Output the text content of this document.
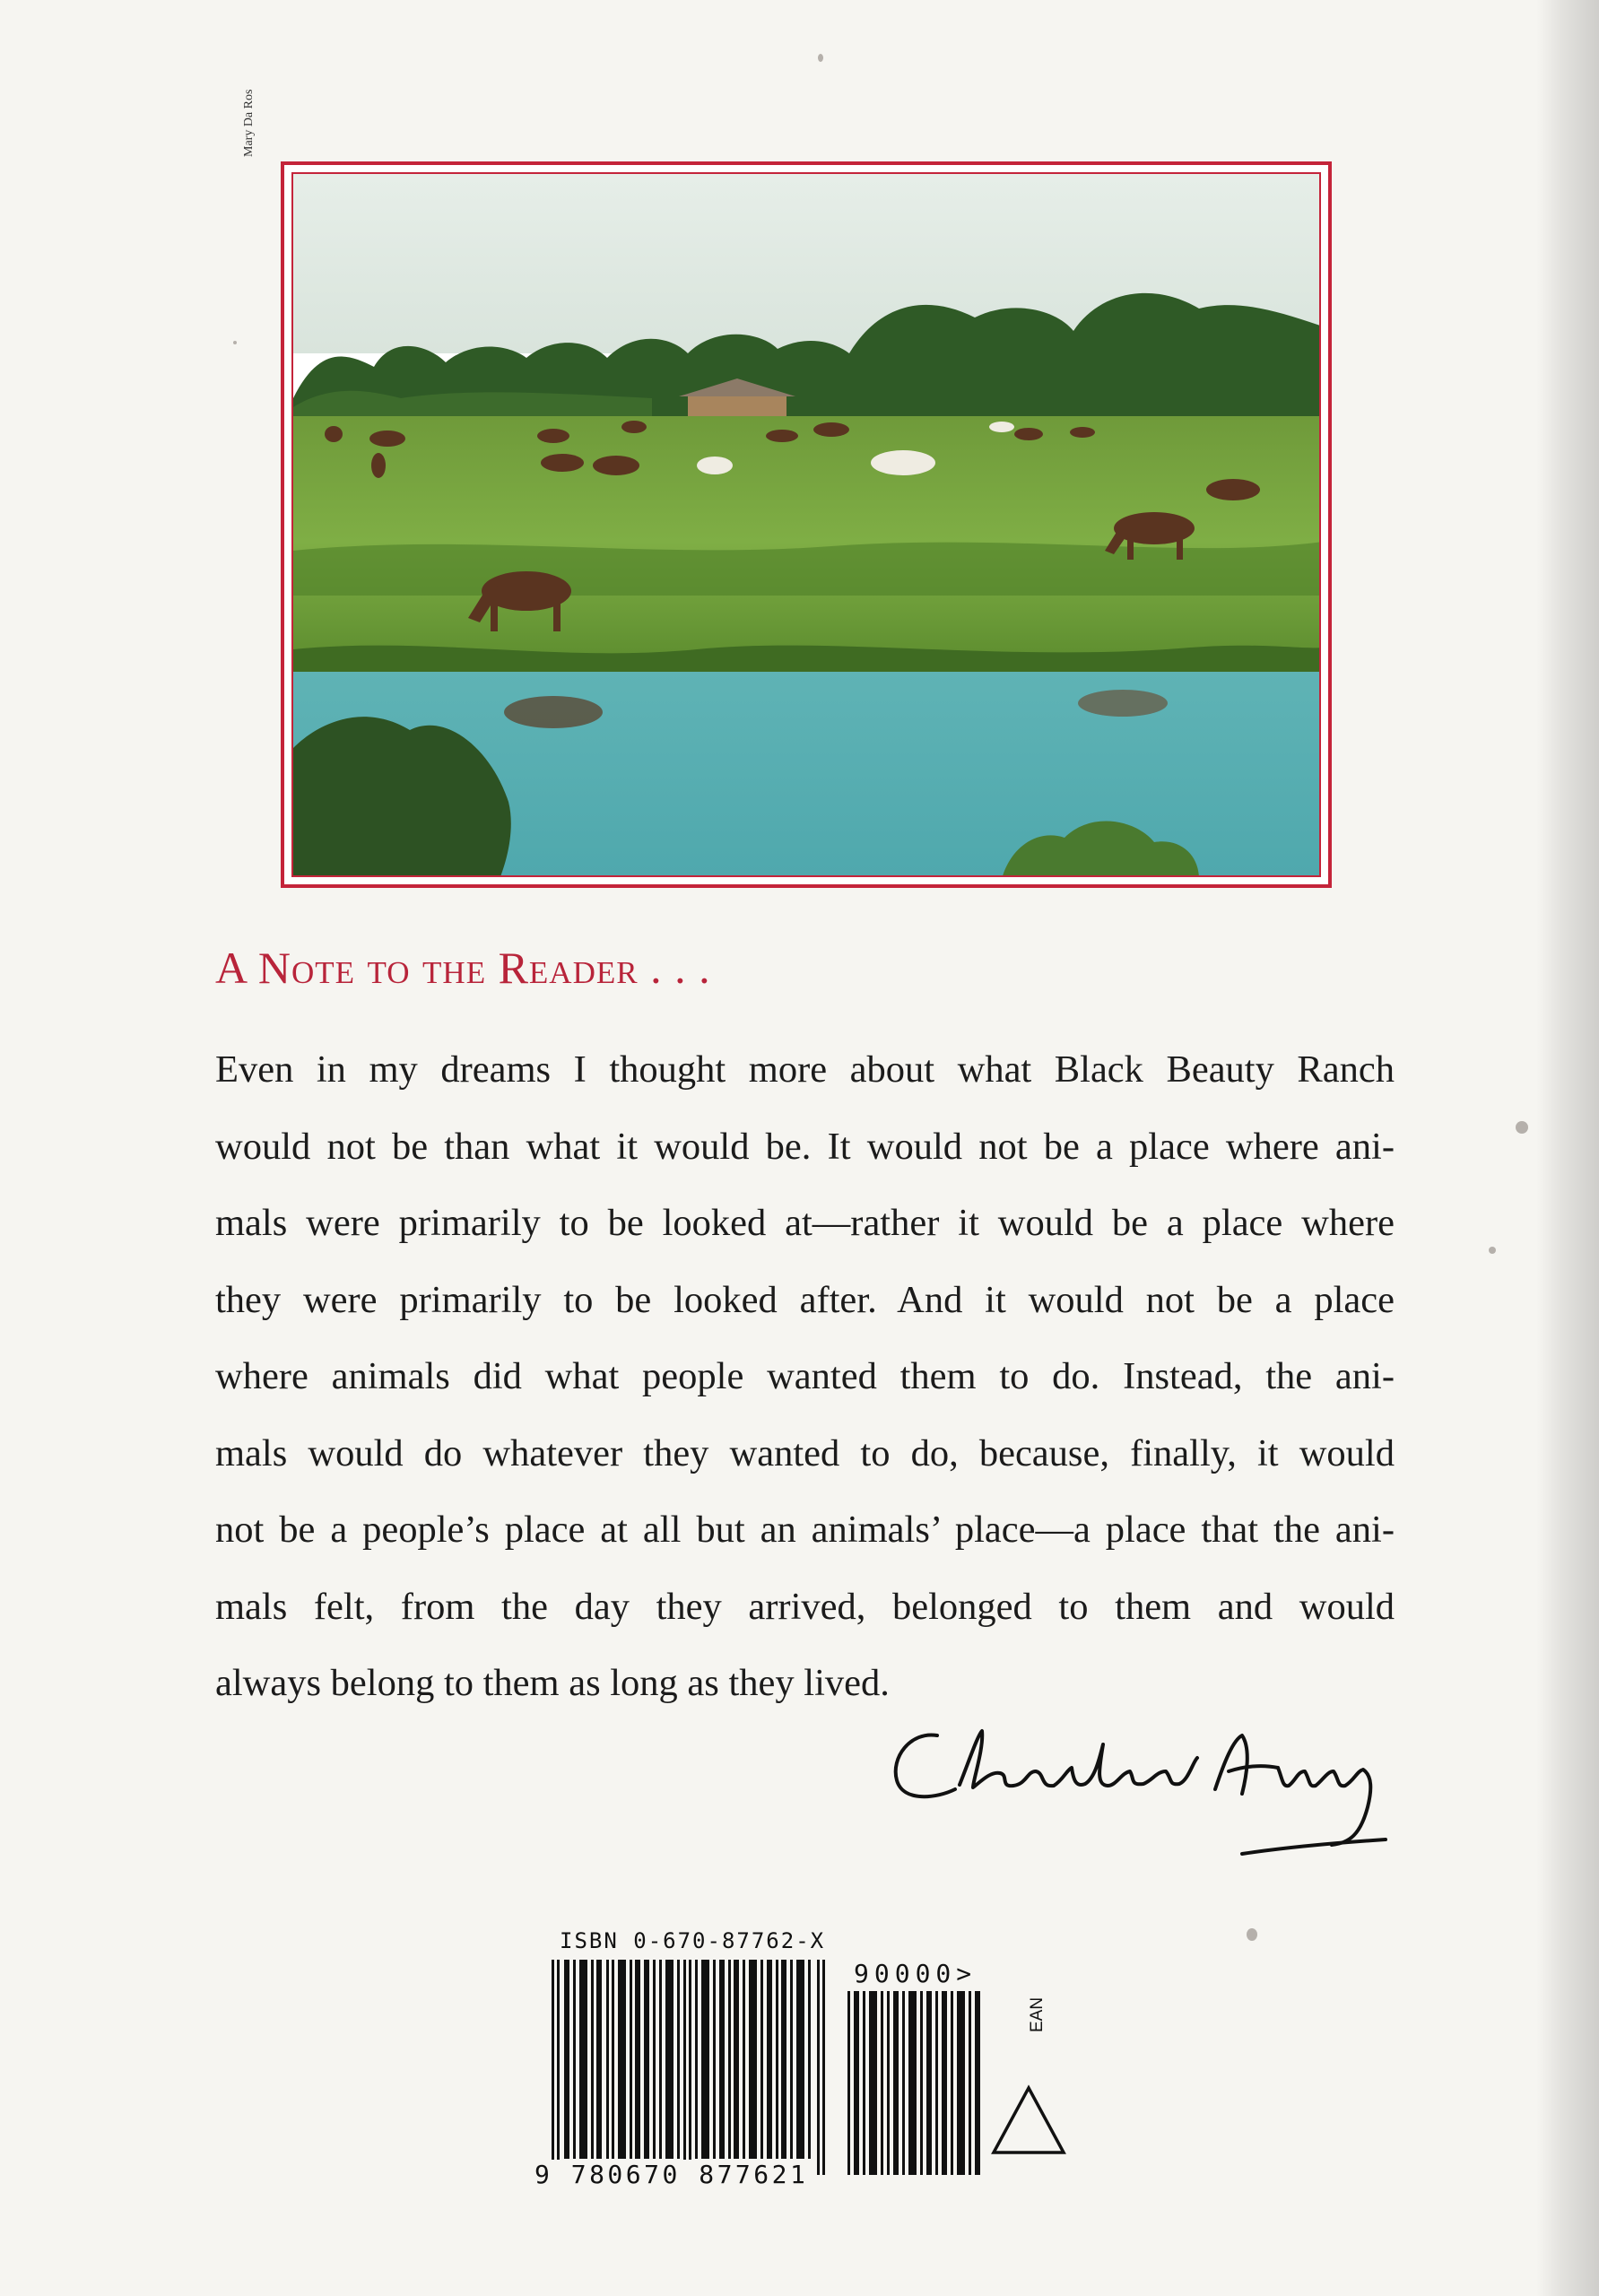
Mary Da Ros
A Note to the Reader . . .
Even in my dreams I thought more about what Black Beauty Ranch
would not be than what it would be. It would not be a place where ani-
mals were primarily to be looked at—rather it would be a place where
they were primarily to be looked after. And it would not be a place
where animals did what people wanted them to do. Instead, the ani-
mals would do whatever they wanted to do, because, finally, it would
not be a people’s place at all but an animals’ place—a place that the ani-
mals felt, from the day they arrived, belonged to them and would
always belong to them as long as they lived.
ISBN 0-670-87762-X
9 780670 877621
90000>
EAN
